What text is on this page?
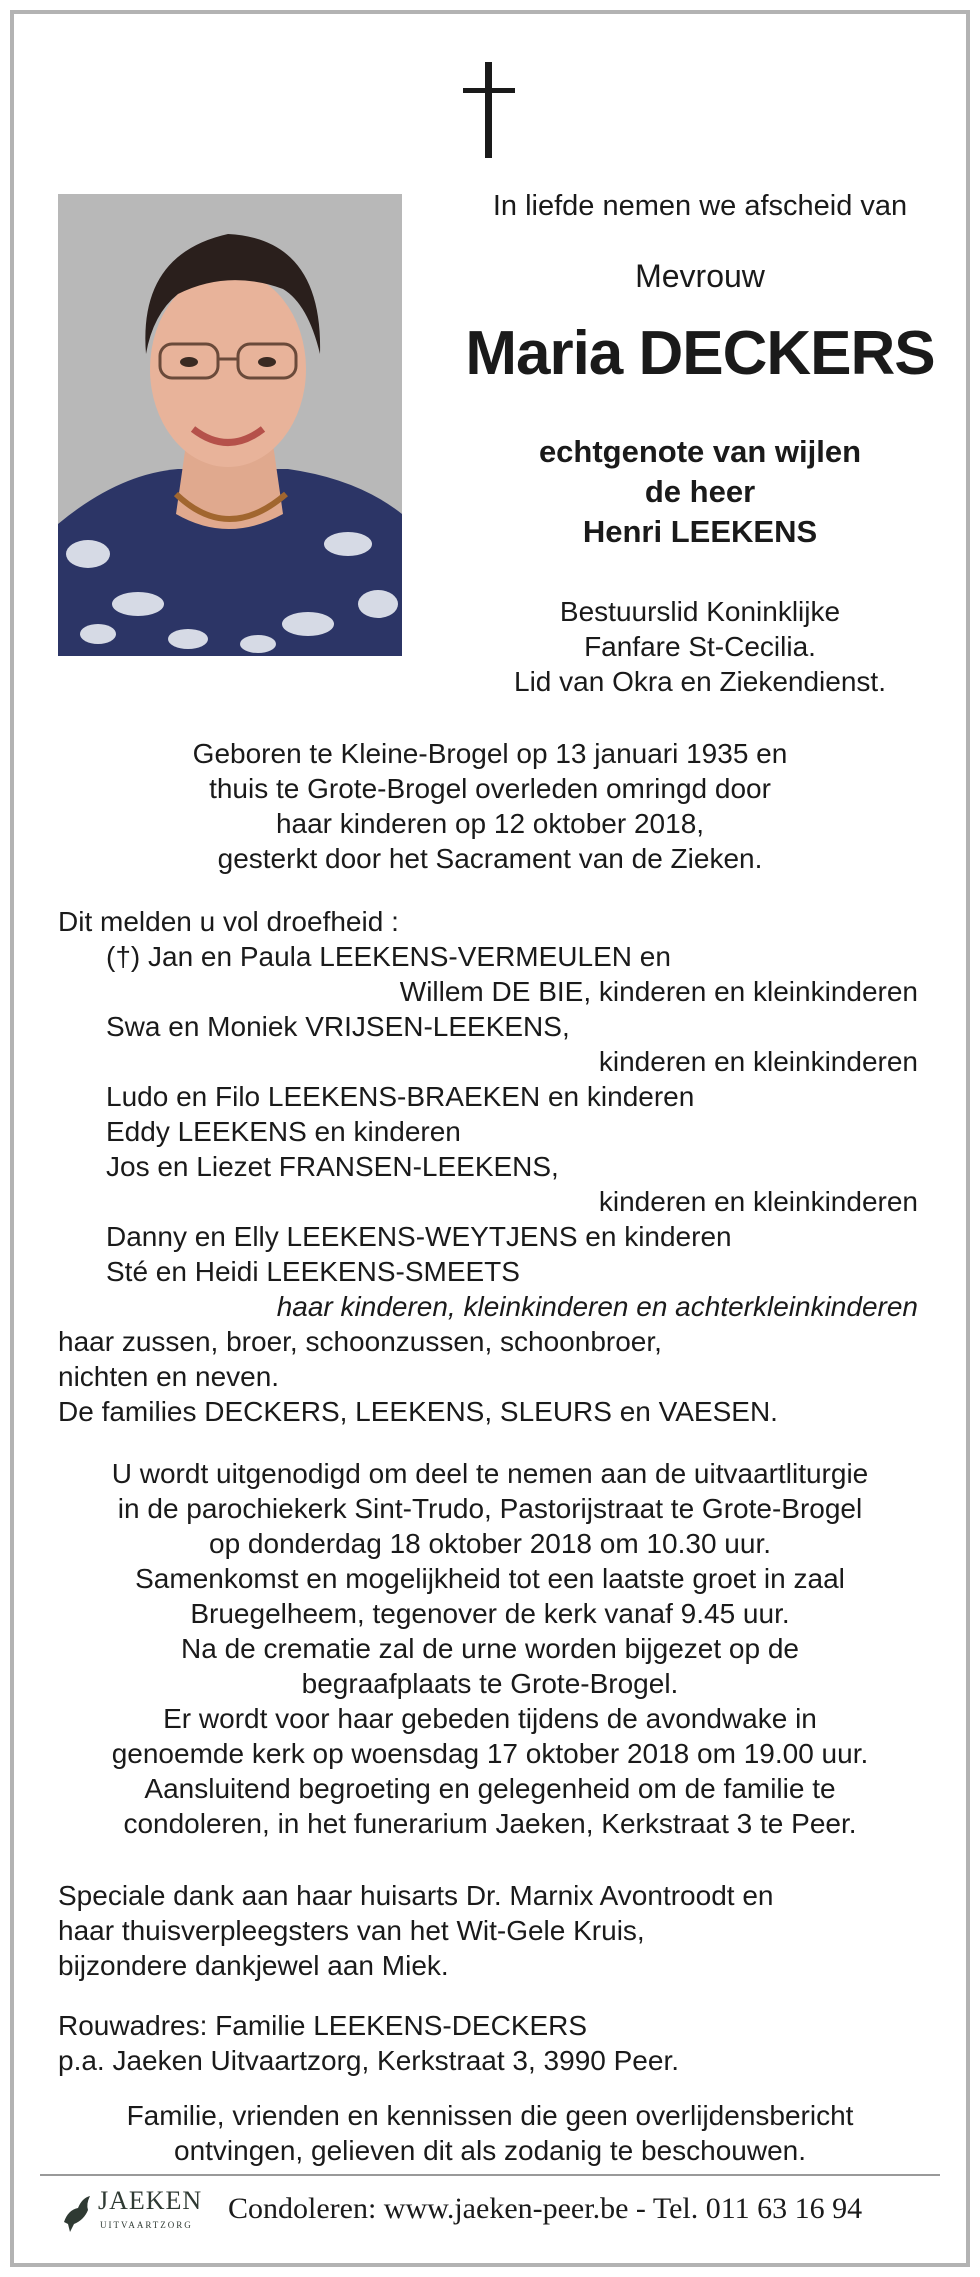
In liefde nemen we afscheid van
Mevrouw
Maria DECKERS
echtgenote van wijlen
de heer
Henri LEEKENS
Bestuurslid Koninklijke
Fanfare St-Cecilia.
Lid van Okra en Ziekendienst.
Geboren te Kleine-Brogel op 13 januari 1935 en
thuis te Grote-Brogel overleden omringd door
haar kinderen op 12 oktober 2018,
gesterkt door het Sacrament van de Zieken.
Dit melden u vol droefheid :
(†) Jan en Paula LEEKENS-VERMEULEN en
Willem DE BIE, kinderen en kleinkinderen
Swa en Moniek VRIJSEN-LEEKENS,
kinderen en kleinkinderen
Ludo en Filo LEEKENS-BRAEKEN en kinderen
Eddy LEEKENS en kinderen
Jos en Liezet FRANSEN-LEEKENS,
kinderen en kleinkinderen
Danny en Elly LEEKENS-WEYTJENS en kinderen
Sté en Heidi LEEKENS-SMEETS
haar kinderen, kleinkinderen en achterkleinkinderen
haar zussen, broer, schoonzussen, schoonbroer,
nichten en neven.
De families DECKERS, LEEKENS, SLEURS en VAESEN.
U wordt uitgenodigd om deel te nemen aan de uitvaartliturgie
in de parochiekerk Sint-Trudo, Pastorijstraat te Grote-Brogel
op donderdag 18 oktober 2018 om 10.30 uur.
Samenkomst en mogelijkheid tot een laatste groet in zaal
Bruegelheem, tegenover de kerk vanaf 9.45 uur.
Na de crematie zal de urne worden bijgezet op de
begraafplaats te Grote-Brogel.
Er wordt voor haar gebeden tijdens de avondwake in
genoemde kerk op woensdag 17 oktober 2018 om 19.00 uur.
Aansluitend begroeting en gelegenheid om de familie te
condoleren, in het funerarium Jaeken, Kerkstraat 3 te Peer.
Speciale dank aan haar huisarts Dr. Marnix Avontroodt en
haar thuisverpleegsters van het Wit-Gele Kruis,
bijzondere dankjewel aan Miek.
Rouwadres: Familie LEEKENS-DECKERS
p.a. Jaeken Uitvaartzorg, Kerkstraat 3, 3990 Peer.
Familie, vrienden en kennissen die geen overlijdensbericht
ontvingen, gelieven dit als zodanig te beschouwen.
JAEKEN
UITVAARTZORG Condoleren: www.jaeken-peer.be - Tel. 011 63 16 94
